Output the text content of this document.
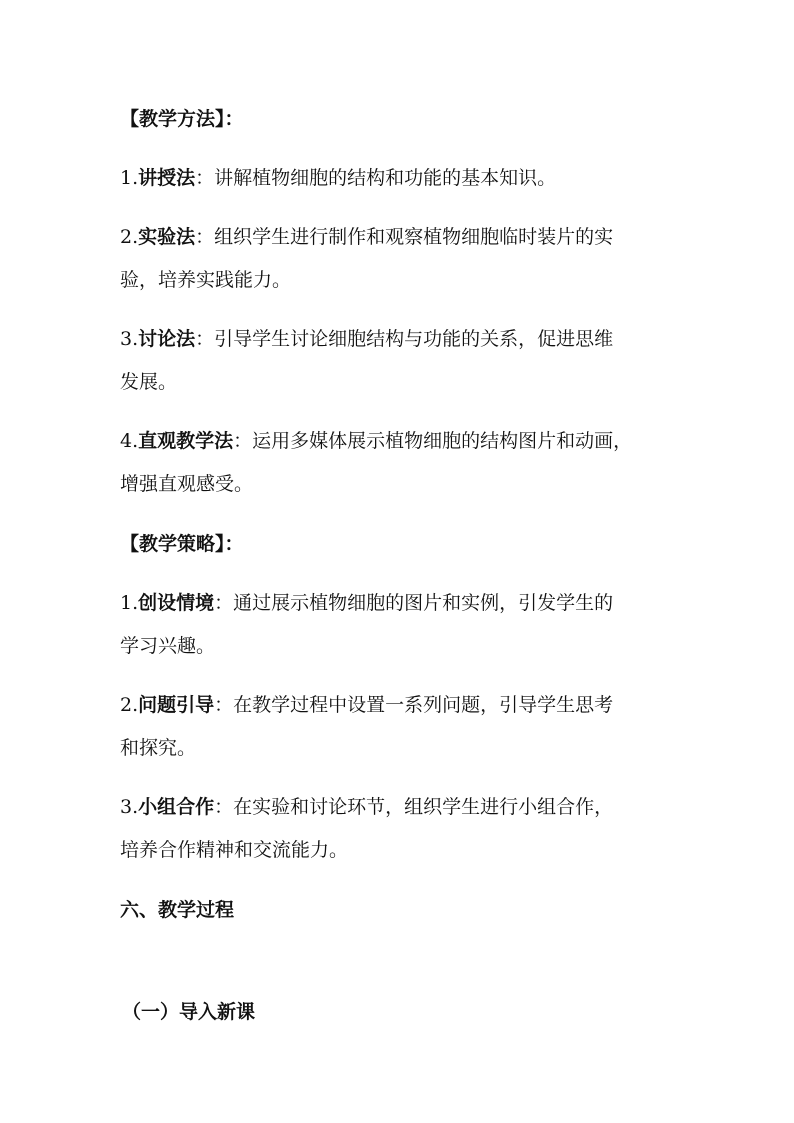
【教学方法】：
1.讲授法：讲解植物细胞的结构和功能的基本知识。
2.实验法：组织学生进行制作和观察植物细胞临时装片的实
验，培养实践能力。
3.讨论法：引导学生讨论细胞结构与功能的关系，促进思维
发展。
4.直观教学法：运用多媒体展示植物细胞的结构图片和动画，
增强直观感受。
【教学策略】：
1.创设情境：通过展示植物细胞的图片和实例，引发学生的
学习兴趣。
2.问题引导：在教学过程中设置一系列问题，引导学生思考
和探究。
3.小组合作：在实验和讨论环节，组织学生进行小组合作，
培养合作精神和交流能力。
六、教学过程
（一）导入新课
